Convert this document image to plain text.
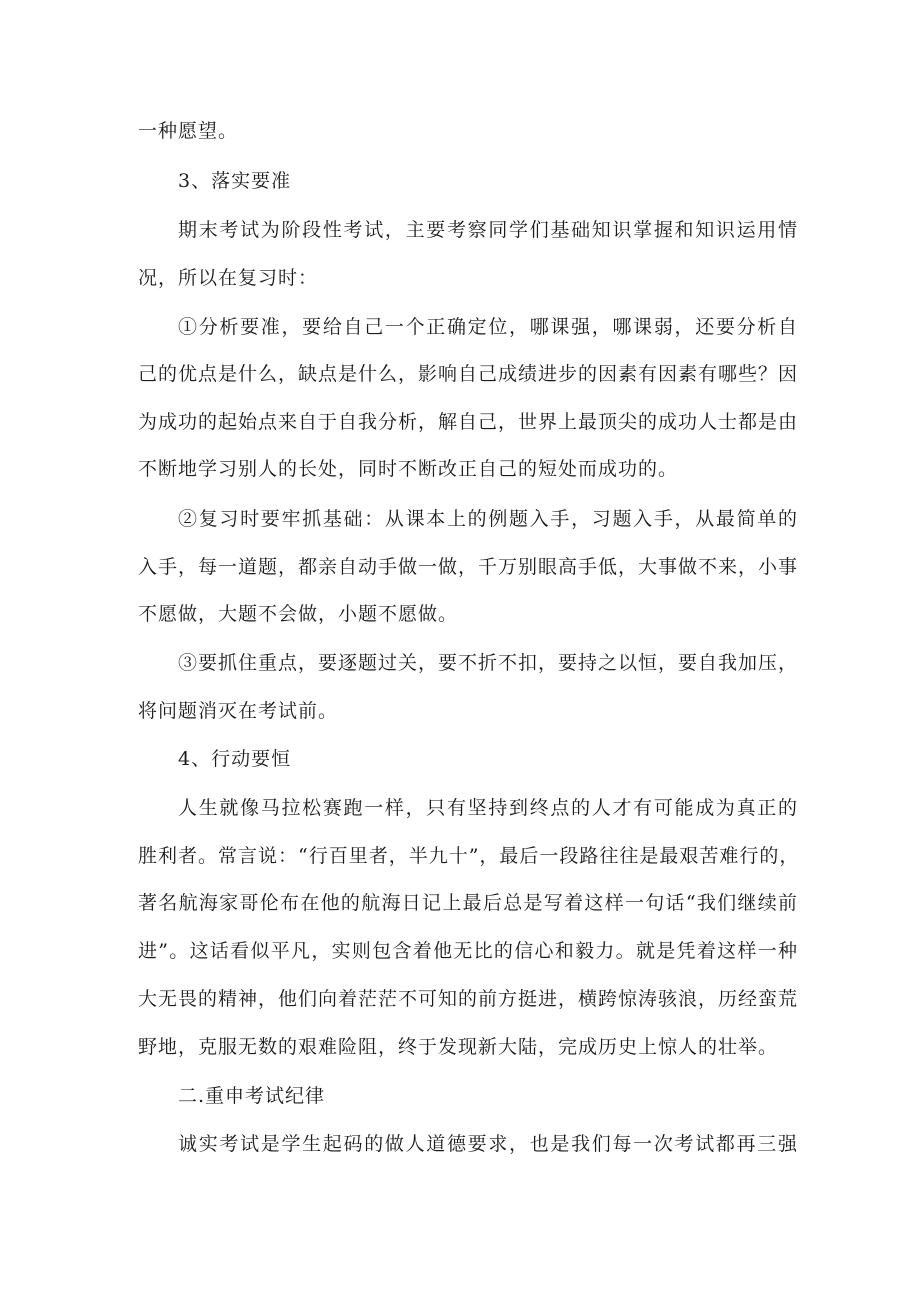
一种愿望。
3、落实要准
期末考试为阶段性考试，主要考察同学们基础知识掌握和知识运用情
况，所以在复习时：
①分析要准，要给自己一个正确定位，哪课强，哪课弱，还要分析自
己的优点是什么，缺点是什么，影响自己成绩进步的因素有因素有哪些？因
为成功的起始点来自于自我分析，解自己，世界上最顶尖的成功人士都是由
不断地学习别人的长处，同时不断改正自己的短处而成功的。
②复习时要牢抓基础：从课本上的例题入手，习题入手，从最简单的
入手，每一道题，都亲自动手做一做，千万别眼高手低，大事做不来，小事
不愿做，大题不会做，小题不愿做。
③要抓住重点，要逐题过关，要不折不扣，要持之以恒，要自我加压，
将问题消灭在考试前。
4、行动要恒
人生就像马拉松赛跑一样，只有坚持到终点的人才有可能成为真正的
胜利者。常言说：“行百里者，半九十”，最后一段路往往是最艰苦难行的，
著名航海家哥伦布在他的航海日记上最后总是写着这样一句话“我们继续前
进”。这话看似平凡，实则包含着他无比的信心和毅力。就是凭着这样一种
大无畏的精神，他们向着茫茫不可知的前方挺进，横跨惊涛骇浪，历经蛮荒
野地，克服无数的艰难险阻，终于发现新大陆，完成历史上惊人的壮举。
二.重申考试纪律
诚实考试是学生起码的做人道德要求，也是我们每一次考试都再三强
